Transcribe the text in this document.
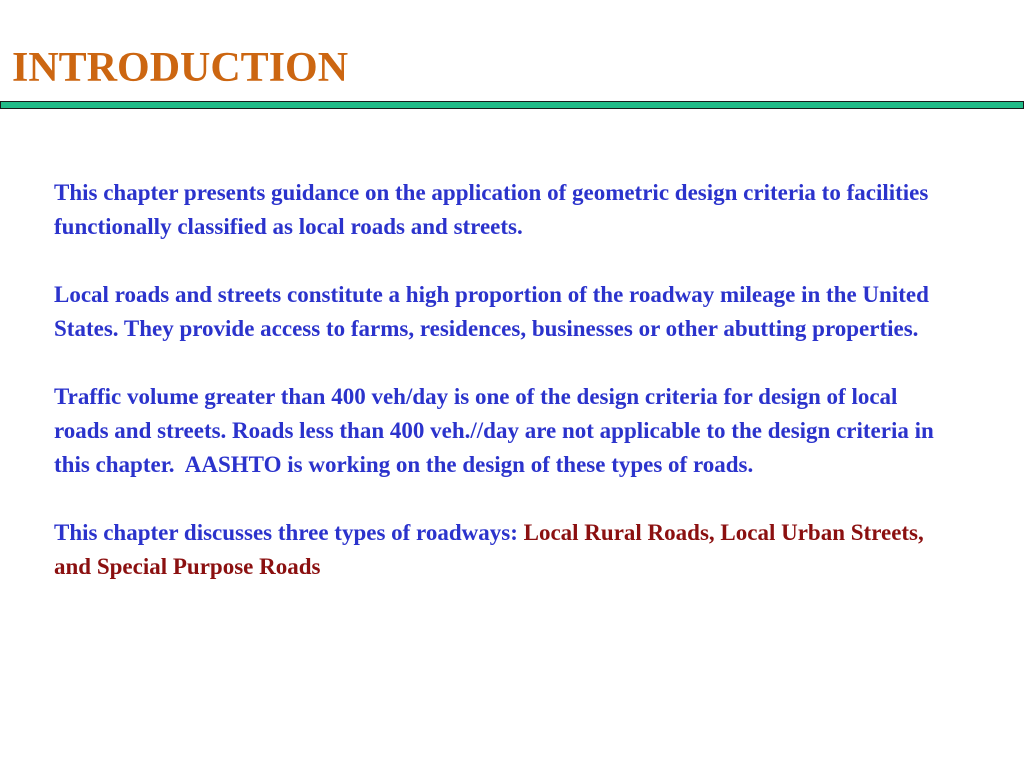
INTRODUCTION

This chapter presents guidance on the application of geometric design criteria to facilities functionally classified as local roads and streets.

Local roads and streets constitute a high proportion of the roadway mileage in the United States. They provide access to farms, residences, businesses or other abutting properties.

Traffic volume greater than 400 veh/day is one of the design criteria for design of local roads and streets. Roads less than 400 veh.//day are not applicable to the design criteria in this chapter.  AASHTO is working on the design of these types of roads.

This chapter discusses three types of roadways: Local Rural Roads, Local Urban Streets, and Special Purpose Roads
